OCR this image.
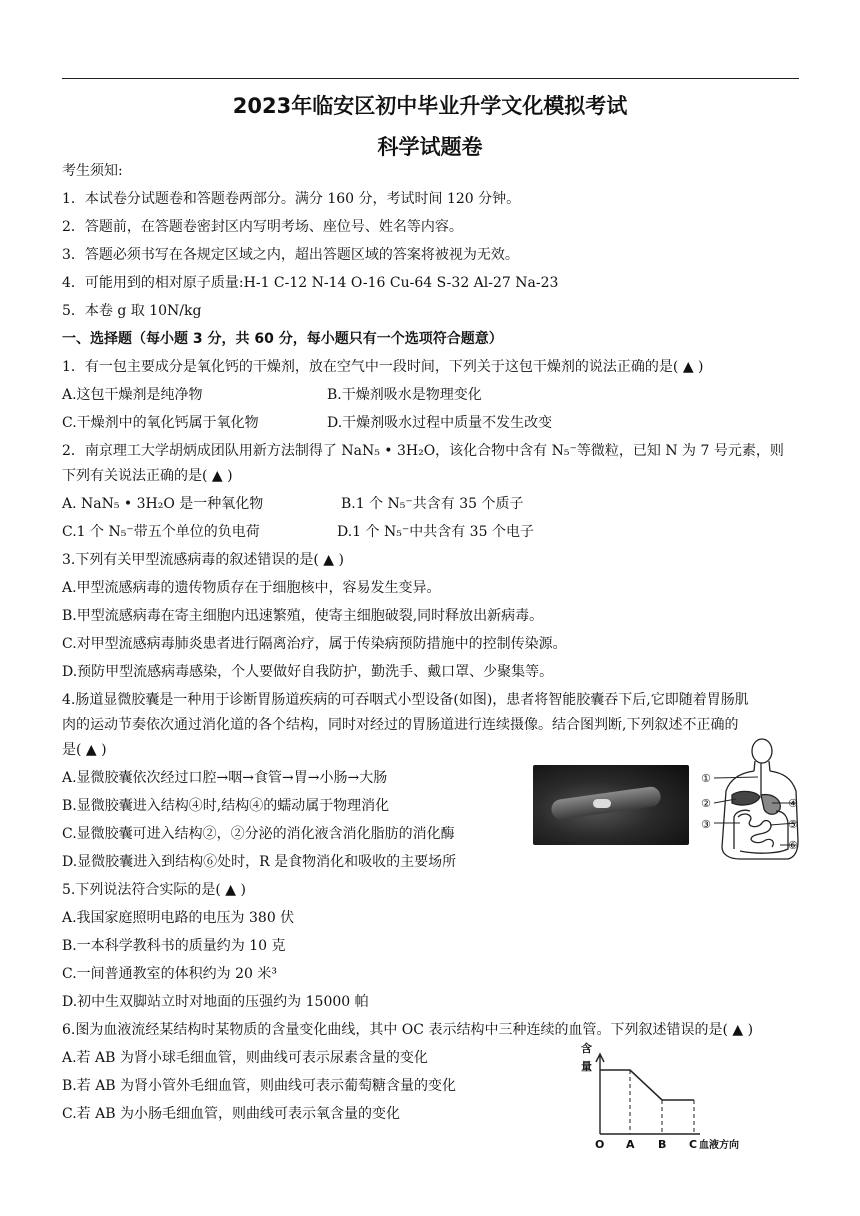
2023年临安区初中毕业升学文化模拟考试
科学试题卷
考生须知:
1．本试卷分试题卷和答题卷两部分。满分 160 分，考试时间 120 分钟。
2．答题前，在答题卷密封区内写明考场、座位号、姓名等内容。
3．答题必须书写在各规定区域之内，超出答题区域的答案将被视为无效。
4．可能用到的相对原子质量:H-1 C-12 N-14 O-16 Cu-64 S-32 Al-27 Na-23
5．本卷 g 取 10N/kg
一、选择题（每小题 3 分，共 60 分，每小题只有一个选项符合题意）
1．有一包主要成分是氧化钙的干燥剂，放在空气中一段时间，下列关于这包干燥剂的说法正确的是( ▲ )
A.这包干燥剂是纯净物	B.干燥剂吸水是物理变化
C.干燥剂中的氧化钙属于氧化物	D.干燥剂吸水过程中质量不发生改变
2．南京理工大学胡炳成团队用新方法制得了 NaN₅ • 3H₂O，该化合物中含有 N₅⁻等微粒，已知 N 为 7 号元素，则
下列有关说法正确的是( ▲ )
A. NaN₅ • 3H₂O 是一种氧化物	B.1 个 N₅⁻共含有 35 个质子
C.1 个 N₅⁻带五个单位的负电荷	D.1 个 N₅⁻中共含有 35 个电子
3.下列有关甲型流感病毒的叙述错误的是( ▲ )
A.甲型流感病毒的遗传物质存在于细胞核中，容易发生变异。
B.甲型流感病毒在寄主细胞内迅速繁殖，使寄主细胞破裂,同时释放出新病毒。
C.对甲型流感病毒肺炎患者进行隔离治疗，属于传染病预防措施中的控制传染源。
D.预防甲型流感病毒感染，个人要做好自我防护，勤洗手、戴口罩、少聚集等。
4.肠道显微胶囊是一种用于诊断胃肠道疾病的可吞咽式小型设备(如图)，患者将智能胶囊吞下后,它即随着胃肠肌
肉的运动节奏依次通过消化道的各个结构，同时对经过的胃肠道进行连续摄像。结合图判断,下列叙述不正确的
是( ▲ )
A.显微胶囊依次经过口腔→咽→食管→胃→小肠→大肠
B.显微胶囊进入结构④时,结构④的蠕动属于物理消化
C.显微胶囊可进入结构②，②分泌的消化液含消化脂肪的消化酶
D.显微胶囊进入到结构⑥处时，R 是食物消化和吸收的主要场所
①
②
③
④
⑤
⑥
5.下列说法符合实际的是( ▲ )
A.我国家庭照明电路的电压为 380 伏
B.一本科学教科书的质量约为 10 克
C.一间普通教室的体积约为 20 米³
D.初中生双脚站立时对地面的压强约为 15000 帕
6.图为血液流经某结构时某物质的含量变化曲线，其中 OC 表示结构中三种连续的血管。下列叙述错误的是( ▲ )
A.若 AB 为肾小球毛细血管，则曲线可表示尿素含量的变化
B.若 AB 为肾小管外毛细血管，则曲线可表示葡萄糖含量的变化
C.若 AB 为小肠毛细血管，则曲线可表示氧含量的变化
含
量
O A B C 血液方向
